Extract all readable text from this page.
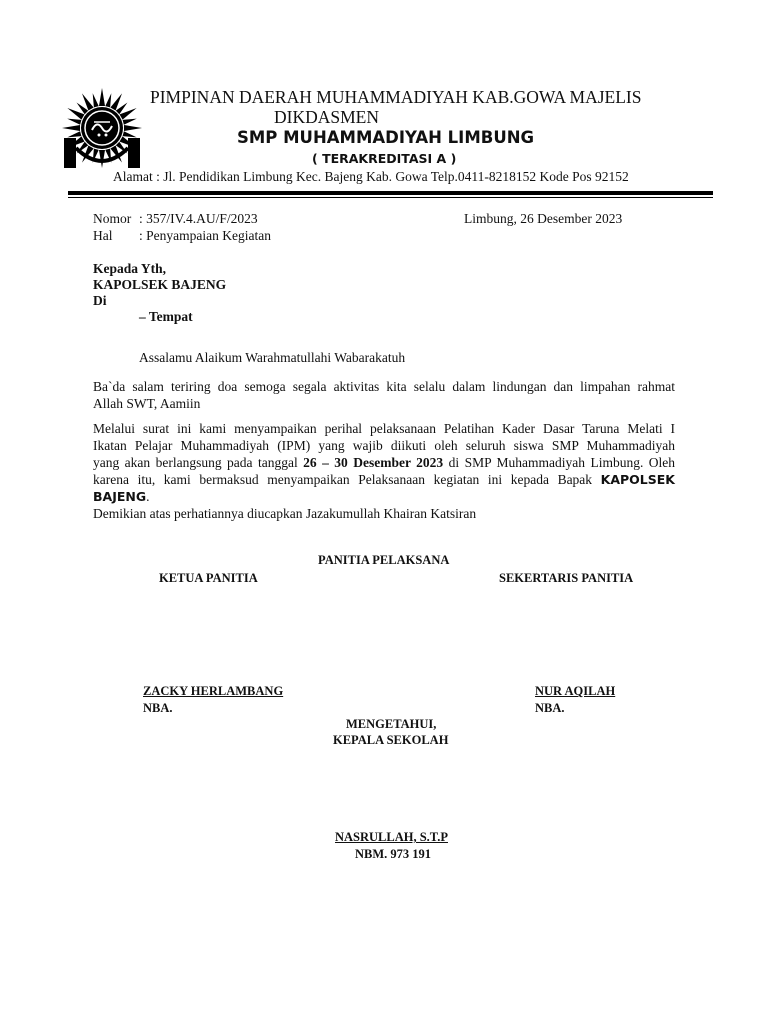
PIMPINAN DAERAH MUHAMMADIYAH KAB.GOWA MAJELIS
DIKDASMEN
SMP MUHAMMADIYAH LIMBUNG
( TERAKREDITASI A )
Alamat : Jl. Pendidikan Limbung Kec. Bajeng Kab. Gowa Telp.0411-8218152 Kode Pos 92152
Nomor : 357/IV.4.AU/F/2023
Hal : Penyampaian Kegiatan
Limbung, 26 Desember 2023
Kepada Yth,
KAPOLSEK BAJENG
Di
– Tempat
Assalamu Alaikum Warahmatullahi Wabarakatuh
Ba`da salam teriring doa semoga segala aktivitas kita selalu dalam lindungan dan limpahan rahmat
Allah SWT, Aamiin
Melalui surat ini kami menyampaikan perihal pelaksanaan Pelatihan Kader Dasar Taruna Melati I
Ikatan Pelajar Muhammadiyah (IPM) yang wajib diikuti oleh seluruh siswa SMP Muhammadiyah
yang akan berlangsung pada tanggal 26 – 30 Desember 2023 di SMP Muhammadiyah Limbung. Oleh
karena itu, kami bermaksud menyampaikan Pelaksanaan kegiatan ini kepada Bapak KAPOLSEK
BAJENG.
Demikian atas perhatiannya diucapkan Jazakumullah Khairan Katsiran
PANITIA PELAKSANA
KETUA PANITIA	SEKERTARIS PANITIA
ZACKY HERLAMBANG
NBA.
NUR AQILAH
NBA.
MENGETAHUI,
KEPALA SEKOLAH
NASRULLAH, S.T.P
NBM. 973 191
